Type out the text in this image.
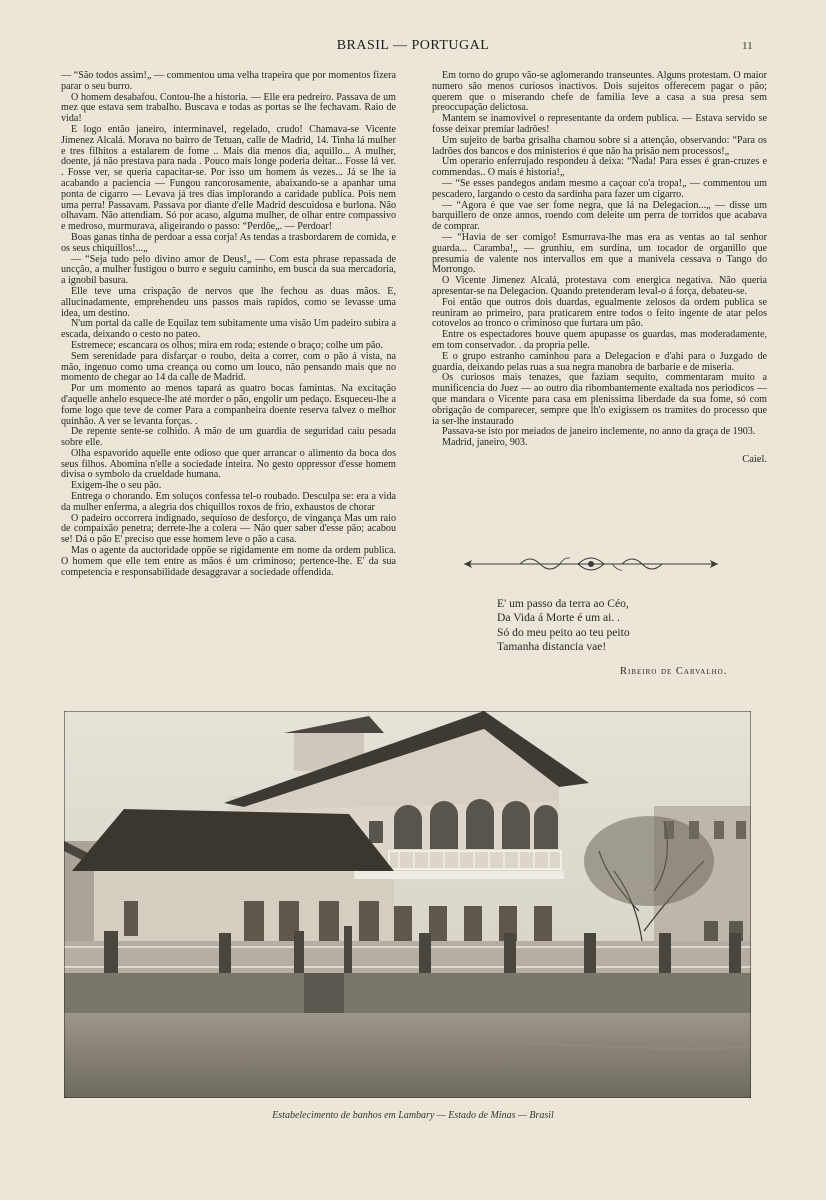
BRASIL — PORTUGAL	11

— “São todos assim!„ — commentou uma velha trapeira que por momentos fizera parar o seu burro.

O homem desabafou. Contou-lhe a historia. — Elle era pedreiro. Passava de um mez que estava sem trabalho. Buscava e todas as portas se lhe fechavam. Raio de vida!

E logo então janeiro, interminavel, regelado, crudo! Chamava-se Vicente Jimenez Alcalá. Morava no bairro de Tetuan, calle de Madrid, 14. Tinha lá mulher e tres filhitos a estalarem de fome .. Mais dia menos dia, aquillo... A mulher, doente, já não prestava para nada . Pouco mais longe poderia deitar... Fosse lá ver. . Fosse ver, se queria capacitar-se. Por isso um homem ás vezes... Já se lhe ia acabando a paciencia — Fungou rancorosamente, abaixando-se a apanhar uma ponta de cigarro — Levava já tres dias implorando a caridade publica. Pois nem uma perra! Passavam. Passava por diante d'elle Madrid descuidosa e burlona. Não olhavam. Não attendiam. Só por acaso, alguma mulher, de olhar entre compassivo e medroso, murmurava, aligeirando o passo: “Perdôe„. — Perdoar!

Boas ganas tinha de perdoar a essa corja! As tendas a trasbordarem de comida, e os seus chiquillos!...„

— “Seja tudo pelo divino amor de Deus!„ — Com esta phrase repassada de uncção, a mulher fustigou o burro e seguiu caminho, em busca da sua mercadoria, a ignobil basura.

Elle teve uma crispação de nervos que lhe fechou as duas mãos. E, allucinadamente, emprehendeu uns passos mais rapidos, como se levasse uma idea, um destino.

N'um portal da calle de Equilaz tem subitamente uma visão Um padeiro subira a escada, deixando o cesto no pateo.

Estremece; escancara os olhos; mira em roda; estende o braço; colhe um pão.

Sem serenidade para disfarçar o roubo, deita a correr, com o pão á vista, na mão, ingenuo como uma creança ou como um louco, não pensando mais que no momento de chegar ao 14 da calle de Madrid.

Por um momento ao menos tapará as quatro bocas famintas. Na excitação d'aquelle anhelo esquece-lhe até morder o pão, engolir um pedaço. Esqueceu-lhe a fome logo que teve de comer Para a companheira doente reserva talvez o melhor quinhão. A ver se levanta forças. .

De repente sente-se colhido. A mão de um guardia de seguridad caiu pesada sobre elle.

Olha espavorido aquelle ente odioso que quer arrancar o alimento da boca dos seus filhos. Abomina n'elle a sociedade inteira. No gesto oppressor d'esse homem divisa o symbolo da crueldade humana.

Exigem-lhe o seu pão.

Entrega o chorando. Em soluços confessa tel-o roubado. Desculpa se: era a vida da mulher enferma, a alegria dos chiquillos roxos de frio, exhaustos de chorar

O padeiro occorrera indignado, sequioso de desforço, de vingança Mas um raio de compaixão penetra; derrete-lhe a colera — Não quer saber d'esse pão; acabou se! Dá o pão E' preciso que esse homem leve o pão a casa.

Mas o agente da auctoridade oppõe se rigidamente em nome da ordem publica. O homem que elle tem entre as mãos é um criminoso; pertence-lhe. E' da sua competencia e responsabilidade desaggravar a sociedade offendida.

Em torno do grupo vão-se aglomerando transeuntes. Alguns protestam. O maior numero são menos curiosos inactivos. Dois sujeitos offerecem pagar o pão; querem que o miserando chefe de familia leve a casa a sua presa sem preoccupação delictosa.

Mantem se inamovivel o representante da ordem publica. — Estava servido se fosse deixar premiar ladrões!

Um sujeito de barba grisalha chamou sobre si a attenção, observando: “Para os ladrões dos bancos e dos ministerios é que não ha prisão nem processos!„

Um operario enferrujado respondeu á deixa: “Nada! Para esses é gran-cruzes e commendas.. O mais é historia!„

— “Se esses pandegos andam mesmo a caçoar co'a tropa!„ — commentou um pescadero, largando o cesto da sardinha para fazer um cigarro.

— “Agora é que vae ser fome negra, que lá na Delegacion...„ — disse um barquillero de onze annos, roendo com deleite um perra de torridos que acabava de comprar.

— “Havia de ser comigo! Esmurrava-lhe mas era as ventas ao tal senhor guarda... Caramba!„ — grunhiu, em surdina, um tocador de organillo que presumia de valente nos intervallos em que a manivela cessava o Tango do Morrongo.

O Vicente Jimenez Alcalá, protestava com energica negativa. Não queria apresentar-se na Delegacion. Quando pretenderam leval-o á força, debateu-se.

Foi então que outros dois duardas, egualmente zelosos da ordem publica se reuniram ao primeiro, para praticarem entre todos o feito ingente de atar pelos cotovelos ao tronco o criminoso que furtara um pão.

Entre os espectadores houve quem apupasse os guardas, mas moderadamente, em tom conservador. . da propria pelle.

E o grupo estranho caminhou para a Delegacion e d'ahi para o Juzgado de guardia, deixando pelas ruas a sua negra manobra de barbarie e de miseria.

Os curiosos mais tenazes, que faziam sequito, commentaram muito a munificencia do Juez — ao outro dia ribombantemente exaltada nos periodicos — que mandara o Vicente para casa em plenissima liberdade da sua fome, só com obrigação de comparecer, sempre que lh'o exigissem os tramites do processo que ia ser-lhe instaurado

Passava-se isto por meiados de janeiro inclemente, no anno da graça de 1903.

Madrid, janeiro, 903.

Caiel.
E' um passo da terra ao Céo,
Da Vida á Morte é um ai. .
Só do meu peito ao teu peito
Tamanha distancia vae!
Ribeiro de Carvalho.
Estabelecimento de banhos em Lambary — Estado de Minas — Brasil
